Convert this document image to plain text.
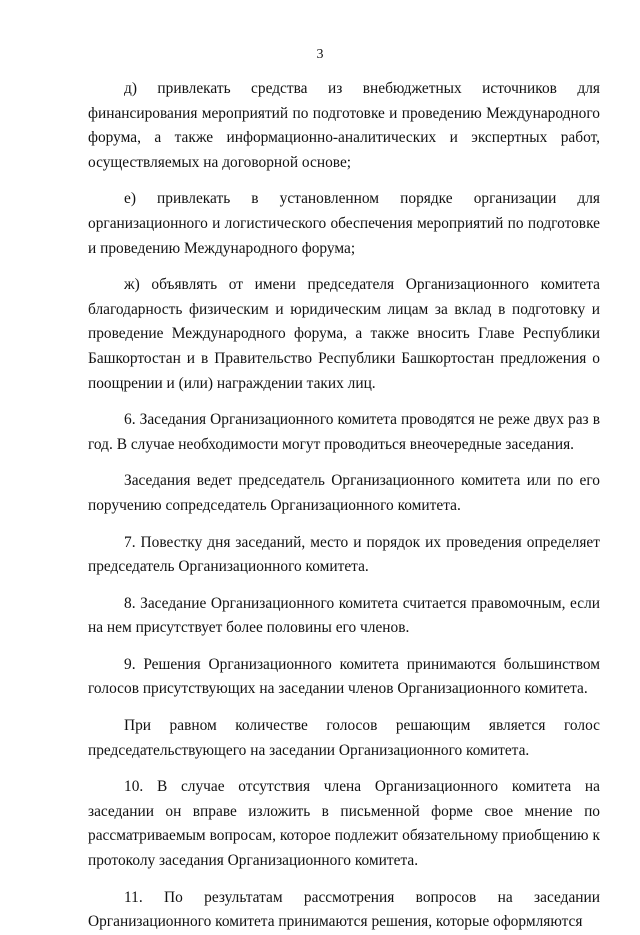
3

д) привлекать средства из внебюджетных источников для финансирования мероприятий по подготовке и проведению Международного форума, а также информационно-аналитических и экспертных работ, осуществляемых на договорной основе;

е) привлекать в установленном порядке организации для организационного и логистического обеспечения мероприятий по подготовке и проведению Международного форума;

ж) объявлять от имени председателя Организационного комитета благодарность физическим и юридическим лицам за вклад в подготовку и проведение Международного форума, а также вносить Главе Республики Башкортостан и в Правительство Республики Башкортостан предложения о поощрении и (или) награждении таких лиц.

6. Заседания Организационного комитета проводятся не реже двух раз в год. В случае необходимости могут проводиться внеочередные заседания.

Заседания ведет председатель Организационного комитета или по его поручению сопредседатель Организационного комитета.

7. Повестку дня заседаний, место и порядок их проведения определяет председатель Организационного комитета.

8. Заседание Организационного комитета считается правомочным, если на нем присутствует более половины его членов.

9. Решения Организационного комитета принимаются большинством голосов присутствующих на заседании членов Организационного комитета.

При равном количестве голосов решающим является голос председательствующего на заседании Организационного комитета.

10. В случае отсутствия члена Организационного комитета на заседании он вправе изложить в письменной форме свое мнение по рассматриваемым вопросам, которое подлежит обязательному приобщению к протоколу заседания Организационного комитета.

11. По результатам рассмотрения вопросов на заседании Организационного комитета принимаются решения, которые оформляются
